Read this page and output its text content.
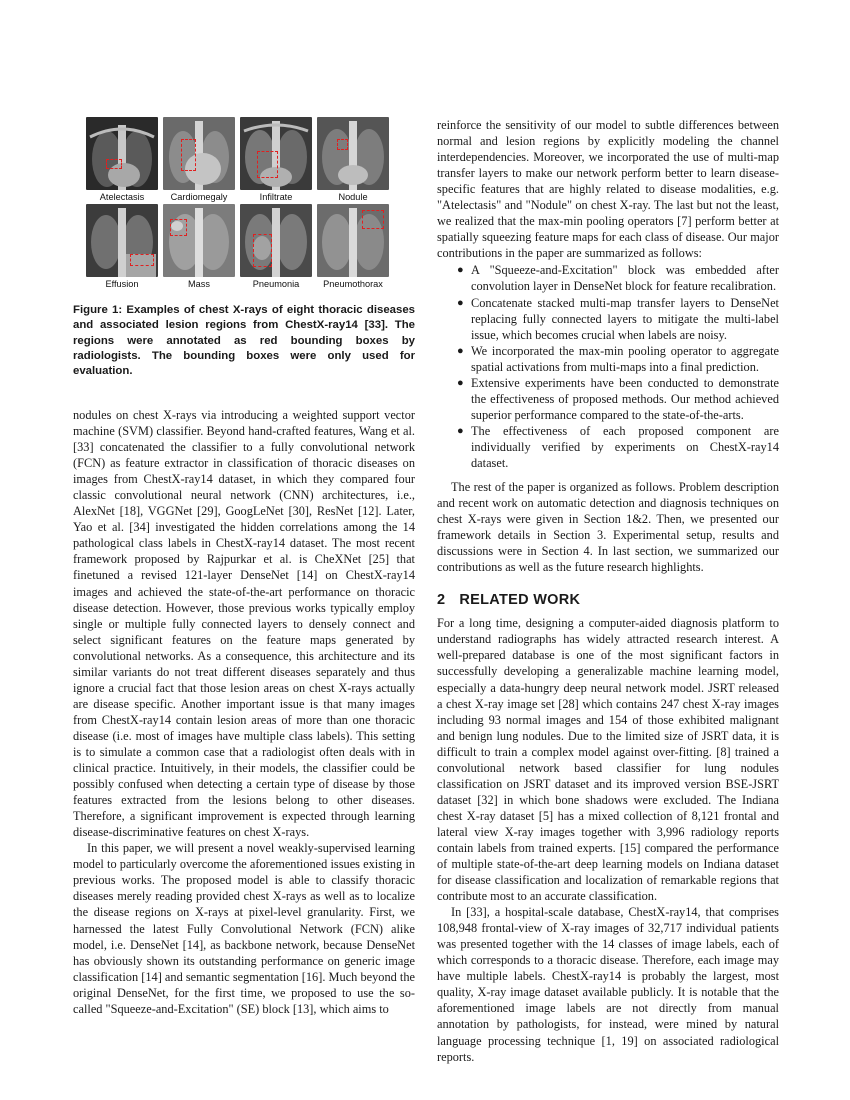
Atelectasis	Cardiomegaly	Infiltrate	Nodule
Effusion	Mass	Pneumonia	Pneumothorax
Figure 1: Examples of chest X-rays of eight thoracic diseases and associated lesion regions from ChestX-ray14 [33]. The regions were annotated as red bounding boxes by radiologists. The bounding boxes were only used for evaluation.

nodules on chest X-rays via introducing a weighted support vector machine (SVM) classifier. Beyond hand-crafted features, Wang et al. [33] concatenated the classifier to a fully convolutional network (FCN) as feature extractor in classification of thoracic diseases on images from ChestX-ray14 dataset, in which they compared four classic convolutional neural network (CNN) architectures, i.e., AlexNet [18], VGGNet [29], GoogLeNet [30], ResNet [12]. Later, Yao et al. [34] investigated the hidden correlations among the 14 pathological class labels in ChestX-ray14 dataset. The most recent framework proposed by Rajpurkar et al. is CheXNet [25] that finetuned a revised 121-layer DenseNet [14] on ChestX-ray14 images and achieved the state-of-the-art performance on thoracic disease detection. However, those previous works typically employ single or multiple fully connected layers to densely connect and select significant features on the feature maps generated by convolutional networks. As a consequence, this architecture and its similar variants do not treat different diseases separately and thus ignore a crucial fact that those lesion areas on chest X-rays actually are disease specific. Another important issue is that many images from ChestX-ray14 contain lesion areas of more than one thoracic disease (i.e. most of images have multiple class labels). This setting is to simulate a common case that a radiologist often deals with in clinical practice. Intuitively, in their models, the classifier could be possibly confused when detecting a certain type of disease by those features extracted from the lesions belong to other diseases. Therefore, a significant improvement is expected through learning disease-discriminative features on chest X-rays.

In this paper, we will present a novel weakly-supervised learning model to particularly overcome the aforementioned issues existing in previous works. The proposed model is able to classify thoracic diseases merely reading provided chest X-rays as well as to localize the disease regions on X-rays at pixel-level granularity. First, we harnessed the latest Fully Convolutional Network (FCN) alike model, i.e. DenseNet [14], as backbone network, because DenseNet has obviously shown its outstanding performance on generic image classification [14] and semantic segmentation [16]. Much beyond the original DenseNet, for the first time, we proposed to use the so-called "Squeeze-and-Excitation" (SE) block [13], which aims to

reinforce the sensitivity of our model to subtle differences between normal and lesion regions by explicitly modeling the channel interdependencies. Moreover, we incorporated the use of multi-map transfer layers to make our network perform better to learn disease-specific features that are highly related to disease modalities, e.g. "Atelectasis" and "Nodule" on chest X-ray. The last but not the least, we realized that the max-min pooling operators [7] perform better at spatially squeezing feature maps for each class of disease. Our major contributions in the paper are summarized as follows:

● A "Squeeze-and-Excitation" block was embedded after convolution layer in DenseNet block for feature recalibration.
● Concatenate stacked multi-map transfer layers to DenseNet replacing fully connected layers to mitigate the multi-label issue, which becomes crucial when labels are noisy.
● We incorporated the max-min pooling operator to aggregate spatial activations from multi-maps into a final prediction.
● Extensive experiments have been conducted to demonstrate the effectiveness of proposed methods. Our method achieved superior performance compared to the state-of-the-arts.
● The effectiveness of each proposed component are individually verified by experiments on ChestX-ray14 dataset.

The rest of the paper is organized as follows. Problem description and recent work on automatic detection and diagnosis techniques on chest X-rays were given in Section 1&2. Then, we presented our framework details in Section 3. Experimental setup, results and discussions were in Section 4. In last section, we summarized our contributions as well as the future research highlights.

2 RELATED WORK

For a long time, designing a computer-aided diagnosis platform to understand radiographs has widely attracted research interest. A well-prepared database is one of the most significant factors in successfully developing a generalizable machine learning model, especially a data-hungry deep neural network model. JSRT released a chest X-ray image set [28] which contains 247 chest X-ray images including 93 normal images and 154 of those exhibited malignant and benign lung nodules. Due to the limited size of JSRT data, it is difficult to train a complex model against over-fitting. [8] trained a convolutional network based classifier for lung nodules classification on JSRT dataset and its improved version BSE-JSRT dataset [32] in which bone shadows were excluded. The Indiana chest X-ray dataset [5] has a mixed collection of 8,121 frontal and lateral view X-ray images together with 3,996 radiology reports contain labels from trained experts. [15] compared the performance of multiple state-of-the-art deep learning models on Indiana dataset for disease classification and localization of remarkable regions that contribute most to an accurate classification.

In [33], a hospital-scale database, ChestX-ray14, that comprises 108,948 frontal-view of X-ray images of 32,717 individual patients was presented together with the 14 classes of image labels, each of which corresponds to a thoracic disease. Therefore, each image may have multiple labels. ChestX-ray14 is probably the largest, most quality, X-ray image dataset available publicly. It is notable that the aforementioned image labels are not directly from manual annotation by pathologists, for instead, were mined by natural language processing technique [1, 19] on associated radiological reports.
